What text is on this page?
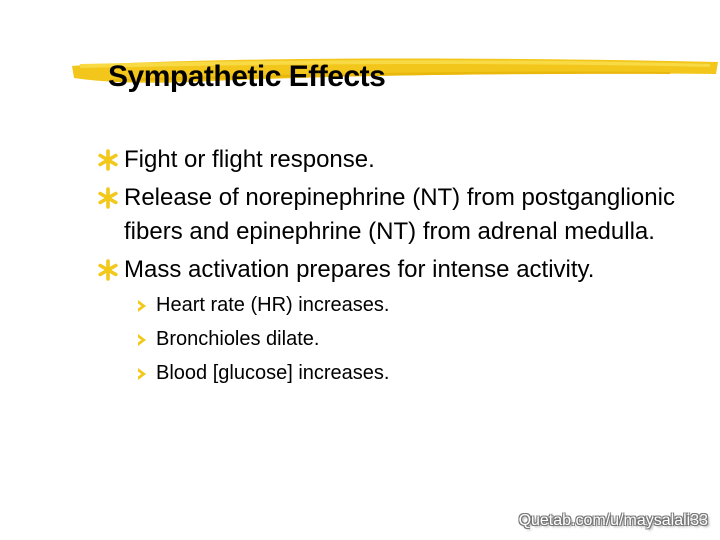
Sympathetic Effects
Fight or flight response.
Release of norepinephrine (NT) from postganglionic fibers and epinephrine (NT) from adrenal medulla.
Mass activation prepares for intense activity.
Heart rate (HR) increases.
Bronchioles dilate.
Blood [glucose] increases.
Quetab.com/u/maysalali33
